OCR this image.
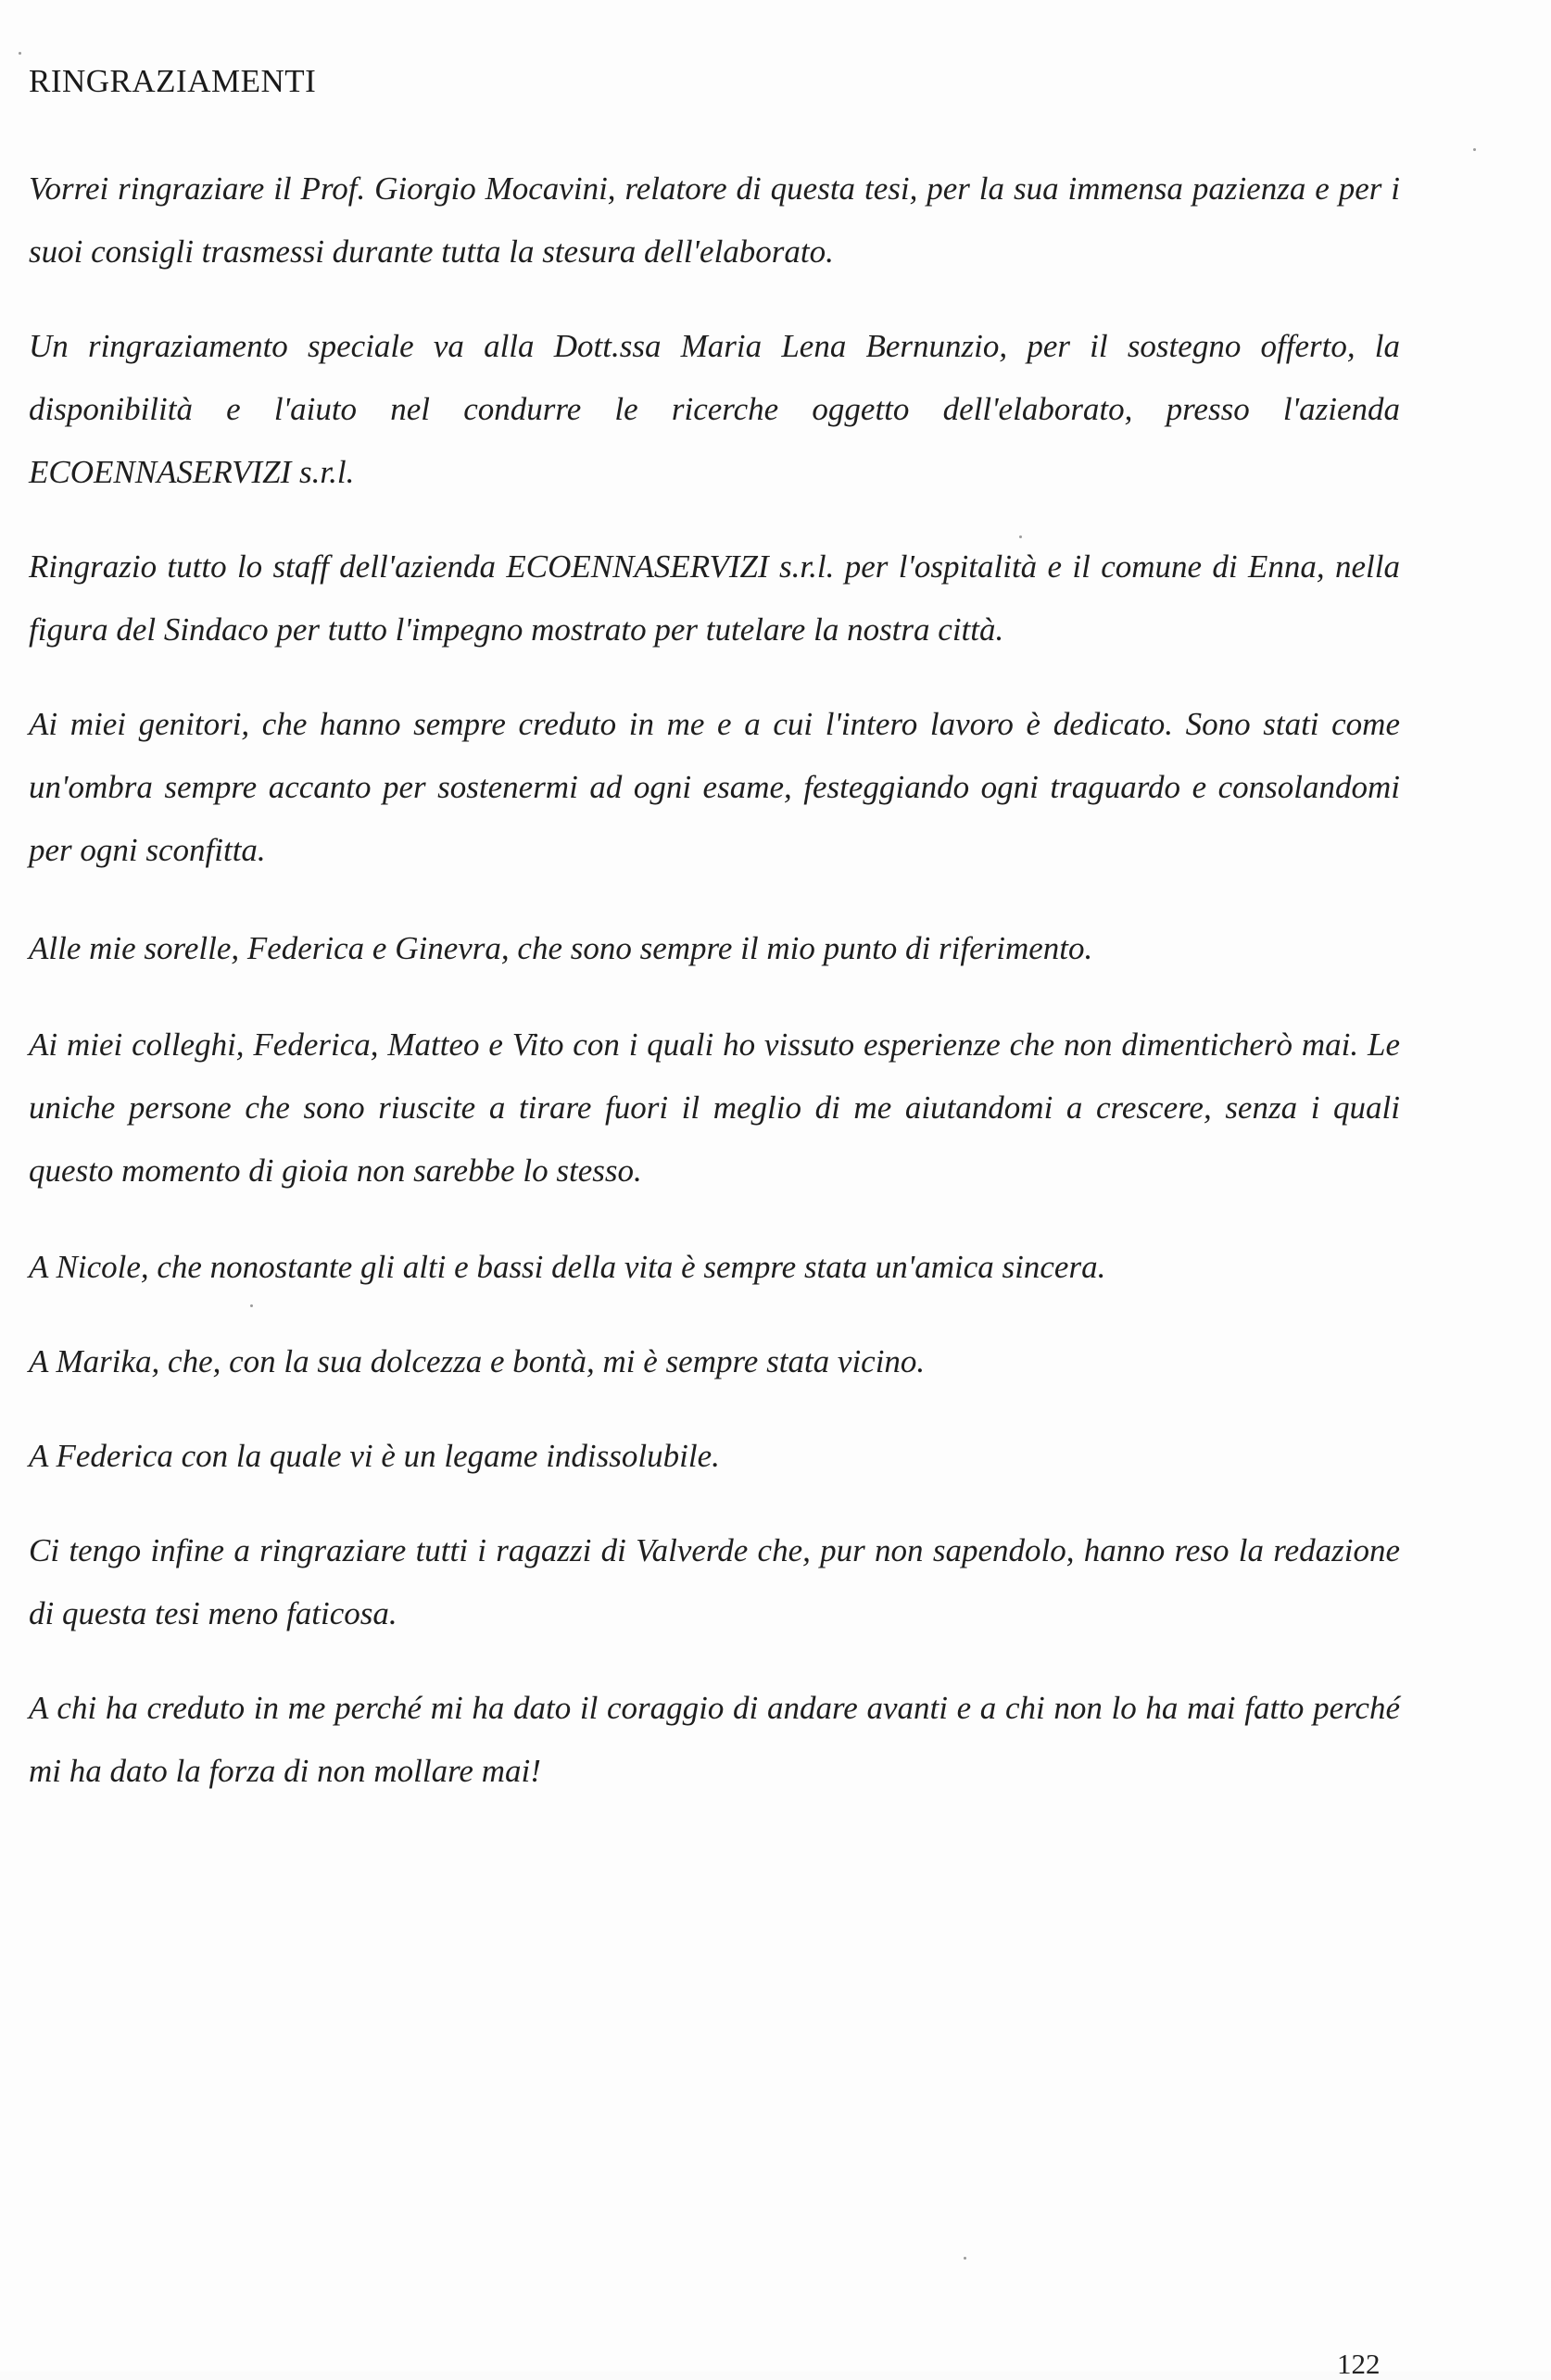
RINGRAZIAMENTI

Vorrei ringraziare il Prof. Giorgio Mocavini, relatore di questa tesi, per la sua immensa pazienza e per i suoi consigli trasmessi durante tutta la stesura dell'elaborato.

Un ringraziamento speciale va alla Dott.ssa Maria Lena Bernunzio, per il sostegno offerto, la disponibilità e l'aiuto nel condurre le ricerche oggetto dell'elaborato, presso l'azienda ECOENNASERVIZI s.r.l.

Ringrazio tutto lo staff dell'azienda ECOENNASERVIZI s.r.l. per l'ospitalità e il comune di Enna, nella figura del Sindaco per tutto l'impegno mostrato per tutelare la nostra città.

Ai miei genitori, che hanno sempre creduto in me e a cui l'intero lavoro è dedicato. Sono stati come un'ombra sempre accanto per sostenermi ad ogni esame, festeggiando ogni traguardo e consolandomi per ogni sconfitta.

Alle mie sorelle, Federica e Ginevra, che sono sempre il mio punto di riferimento.

Ai miei colleghi, Federica, Matteo e Vito con i quali ho vissuto esperienze che non dimenticherò mai. Le uniche persone che sono riuscite a tirare fuori il meglio di me aiutandomi a crescere, senza i quali questo momento di gioia non sarebbe lo stesso.

A Nicole, che nonostante gli alti e bassi della vita è sempre stata un'amica sincera.

A Marika, che, con la sua dolcezza e bontà, mi è sempre stata vicino.

A Federica con la quale vi è un legame indissolubile.

Ci tengo infine a ringraziare tutti i ragazzi di Valverde che, pur non sapendolo, hanno reso la redazione di questa tesi meno faticosa.

A chi ha creduto in me perché mi ha dato il coraggio di andare avanti e a chi non lo ha mai fatto perché mi ha dato la forza di non mollare mai!

122
